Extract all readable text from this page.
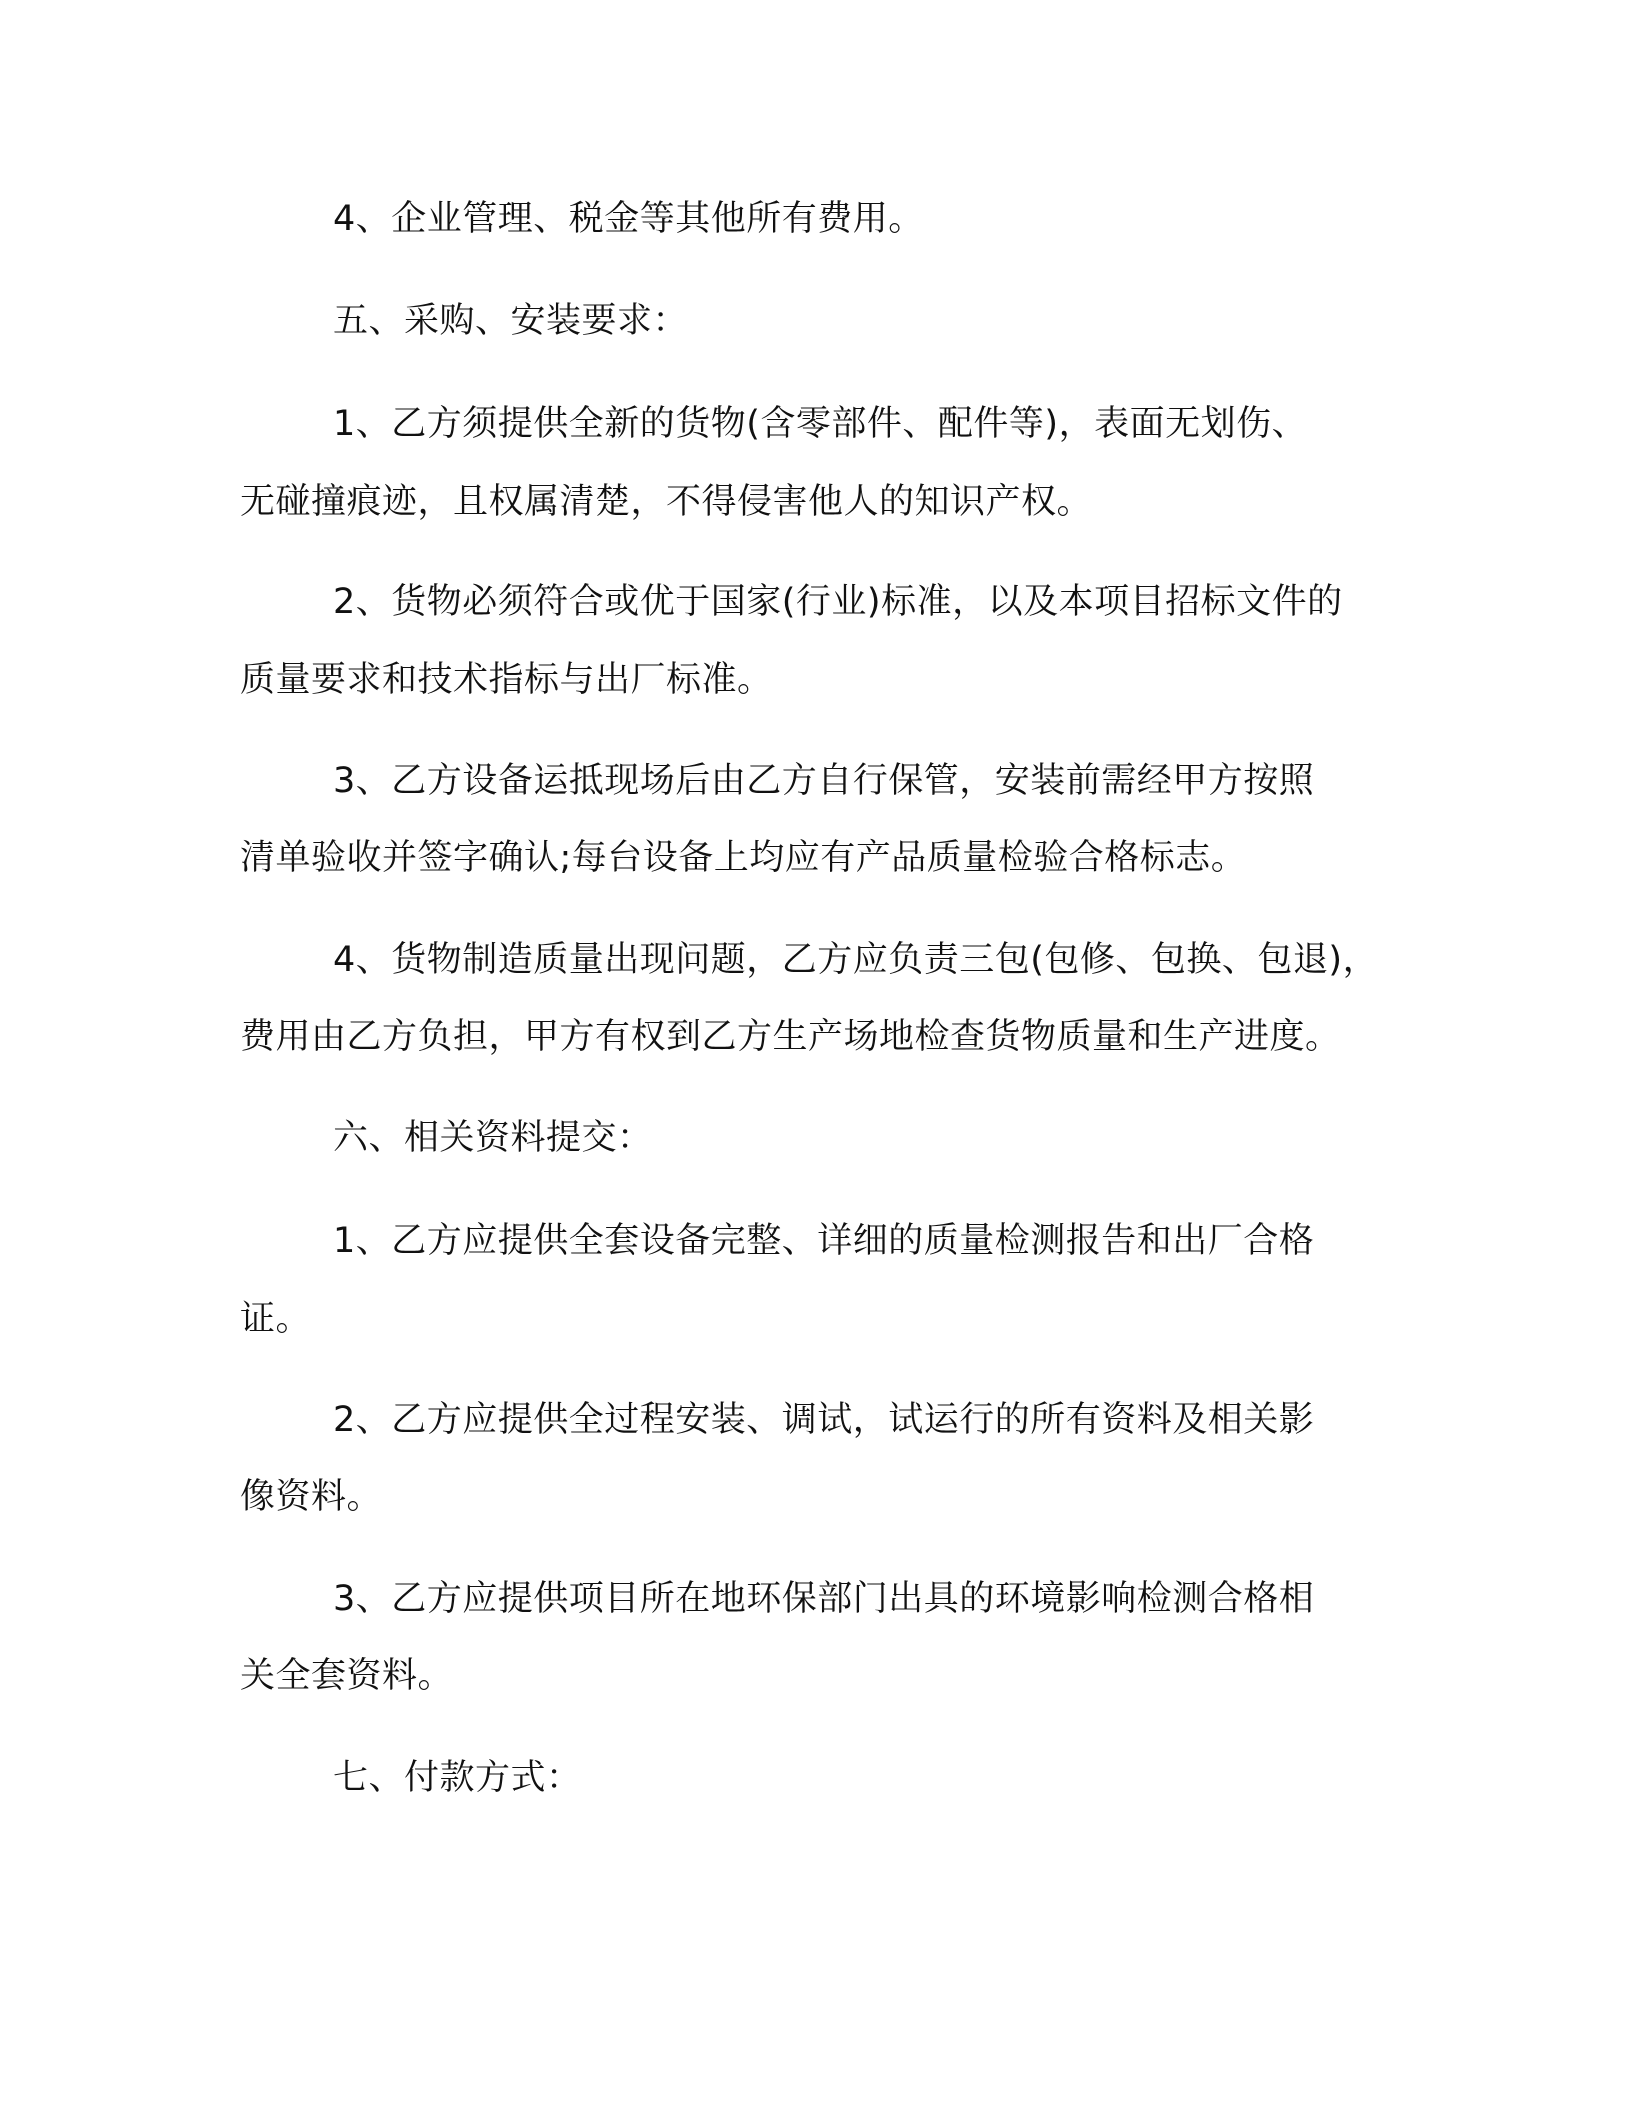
4、企业管理、税金等其他所有费用。
五、采购、安装要求：
1、乙方须提供全新的货物(含零部件、配件等)，表面无划伤、
无碰撞痕迹，且权属清楚，不得侵害他人的知识产权。
2、货物必须符合或优于国家(行业)标准，以及本项目招标文件的
质量要求和技术指标与出厂标准。
3、乙方设备运抵现场后由乙方自行保管，安装前需经甲方按照
清单验收并签字确认;每台设备上均应有产品质量检验合格标志。
4、货物制造质量出现问题，乙方应负责三包(包修、包换、包退)，
费用由乙方负担，甲方有权到乙方生产场地检查货物质量和生产进度。
六、相关资料提交：
1、乙方应提供全套设备完整、详细的质量检测报告和出厂合格
证。
2、乙方应提供全过程安装、调试，试运行的所有资料及相关影
像资料。
3、乙方应提供项目所在地环保部门出具的环境影响检测合格相
关全套资料。
七、付款方式：
